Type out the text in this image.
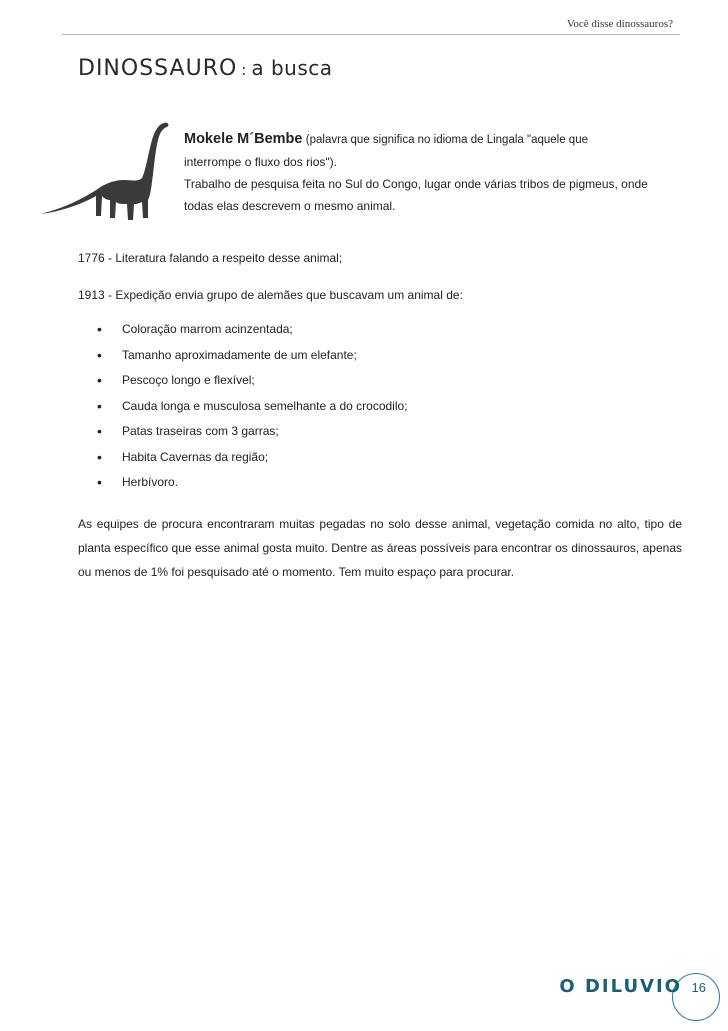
Você disse dinossauros?
DINOSSAURO : a busca
Mokele M´Bembe (palavra que significa no idioma de Lingala "aquele que
interrompe o fluxo dos rios").
Trabalho de pesquisa feita no Sul do Congo, lugar onde várias tribos de pigmeus, onde
todas elas descrevem o mesmo animal.
1776 - Literatura falando a respeito desse animal;
1913 - Expedição envia grupo de alemães que buscavam um animal de:
•	Coloração marrom acinzentada;
•	Tamanho aproximadamente de um elefante;
•	Pescoço longo e flexível;
•	Cauda longa e musculosa semelhante a do crocodilo;
•	Patas traseiras com 3 garras;
•	Habita Cavernas da região;
•	Herbívoro.
As equipes de procura encontraram muitas pegadas no solo desse animal, vegetação comida no alto, tipo de planta específico que esse animal gosta muito. Dentre as áreas possíveis para encontrar os dinossauros, apenas ou menos de 1% foi pesquisado até o momento. Tem muito espaço para procurar.
O DILUVIO 16
